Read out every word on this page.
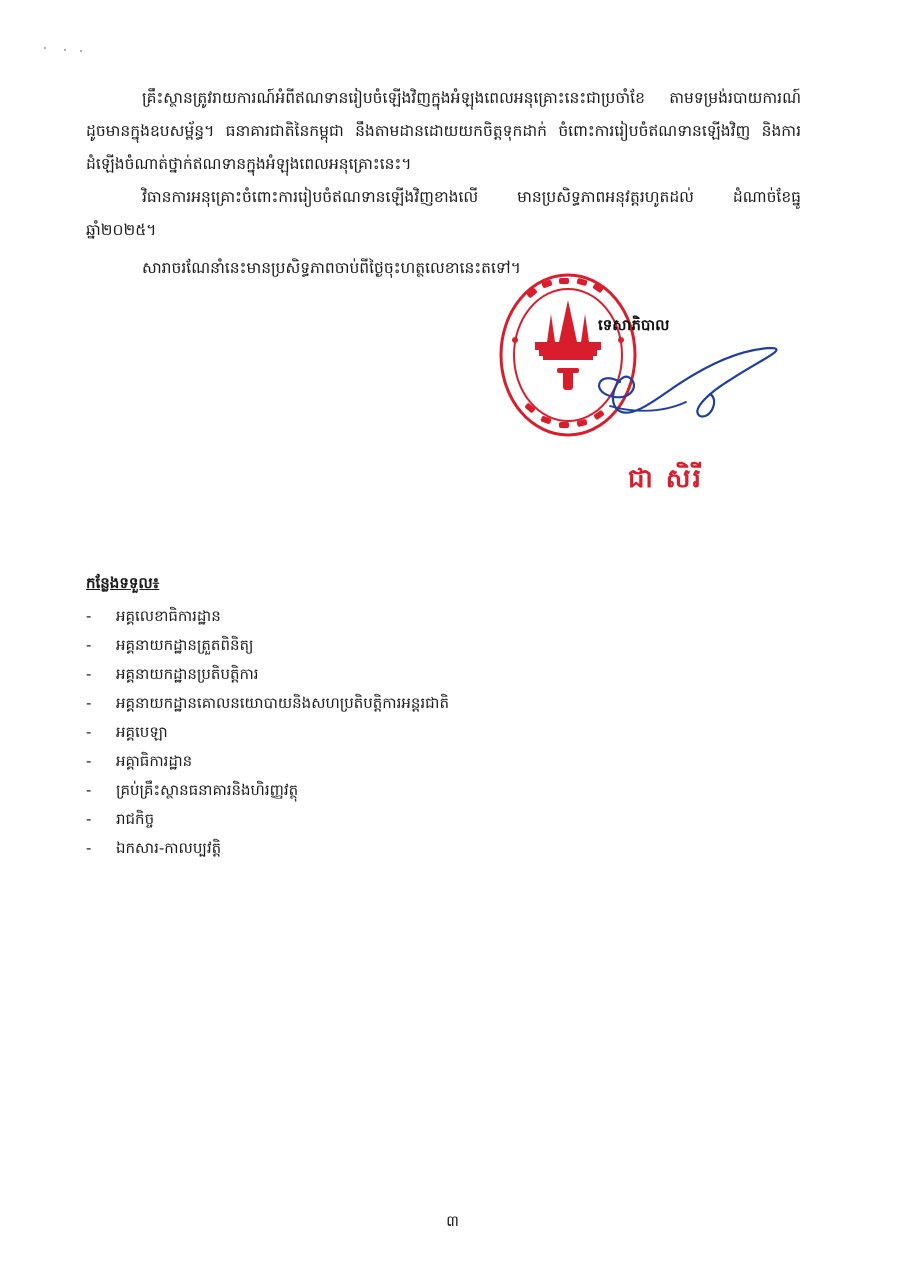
គ្រឹះស្ថានត្រូវរាយការណ៍អំពីឥណទានរៀបចំឡើងវិញក្នុងអំឡុងពេលអនុគ្រោះនេះជាប្រចាំខែ តាមទម្រង់របាយការណ៍ ដូចមានក្នុងឧបសម្ព័ន្ធ។ ធនាគារជាតិនៃកម្ពុជា នឹងតាមដានដោយយកចិត្តទុកដាក់ ចំពោះការរៀបចំឥណទានឡើងវិញ និងការដំឡើងចំណាត់ថ្នាក់ឥណទានក្នុងអំឡុងពេលអនុគ្រោះនេះ។

វិធានការអនុគ្រោះចំពោះការរៀបចំឥណទានឡើងវិញខាងលើ មានប្រសិទ្ធភាពអនុវត្តរហូតដល់ ដំណាច់ខែធ្នូ ឆ្នាំ២០២៥។

សារាចរណែនាំនេះមានប្រសិទ្ធភាពចាប់ពីថ្ងៃចុះហត្ថលេខានេះតទៅ។

ទេសាភិបាល
ជា សិរី
កន្លែងទទួល៖
-	អគ្គលេខាធិការដ្ឋាន
-	អគ្គនាយកដ្ឋានត្រួតពិនិត្យ
-	អគ្គនាយកដ្ឋានប្រតិបត្តិការ
-	អគ្គនាយកដ្ឋានគោលនយោបាយនិងសហប្រតិបត្តិការអន្តរជាតិ
-	អគ្គបេឡា
-	អគ្គាធិការដ្ឋាន
-	គ្រប់គ្រឹះស្ថានធនាគារនិងហិរញ្ញវត្ថុ
-	រាជកិច្ច
-	ឯកសារ-កាលប្បវត្តិ
៣
